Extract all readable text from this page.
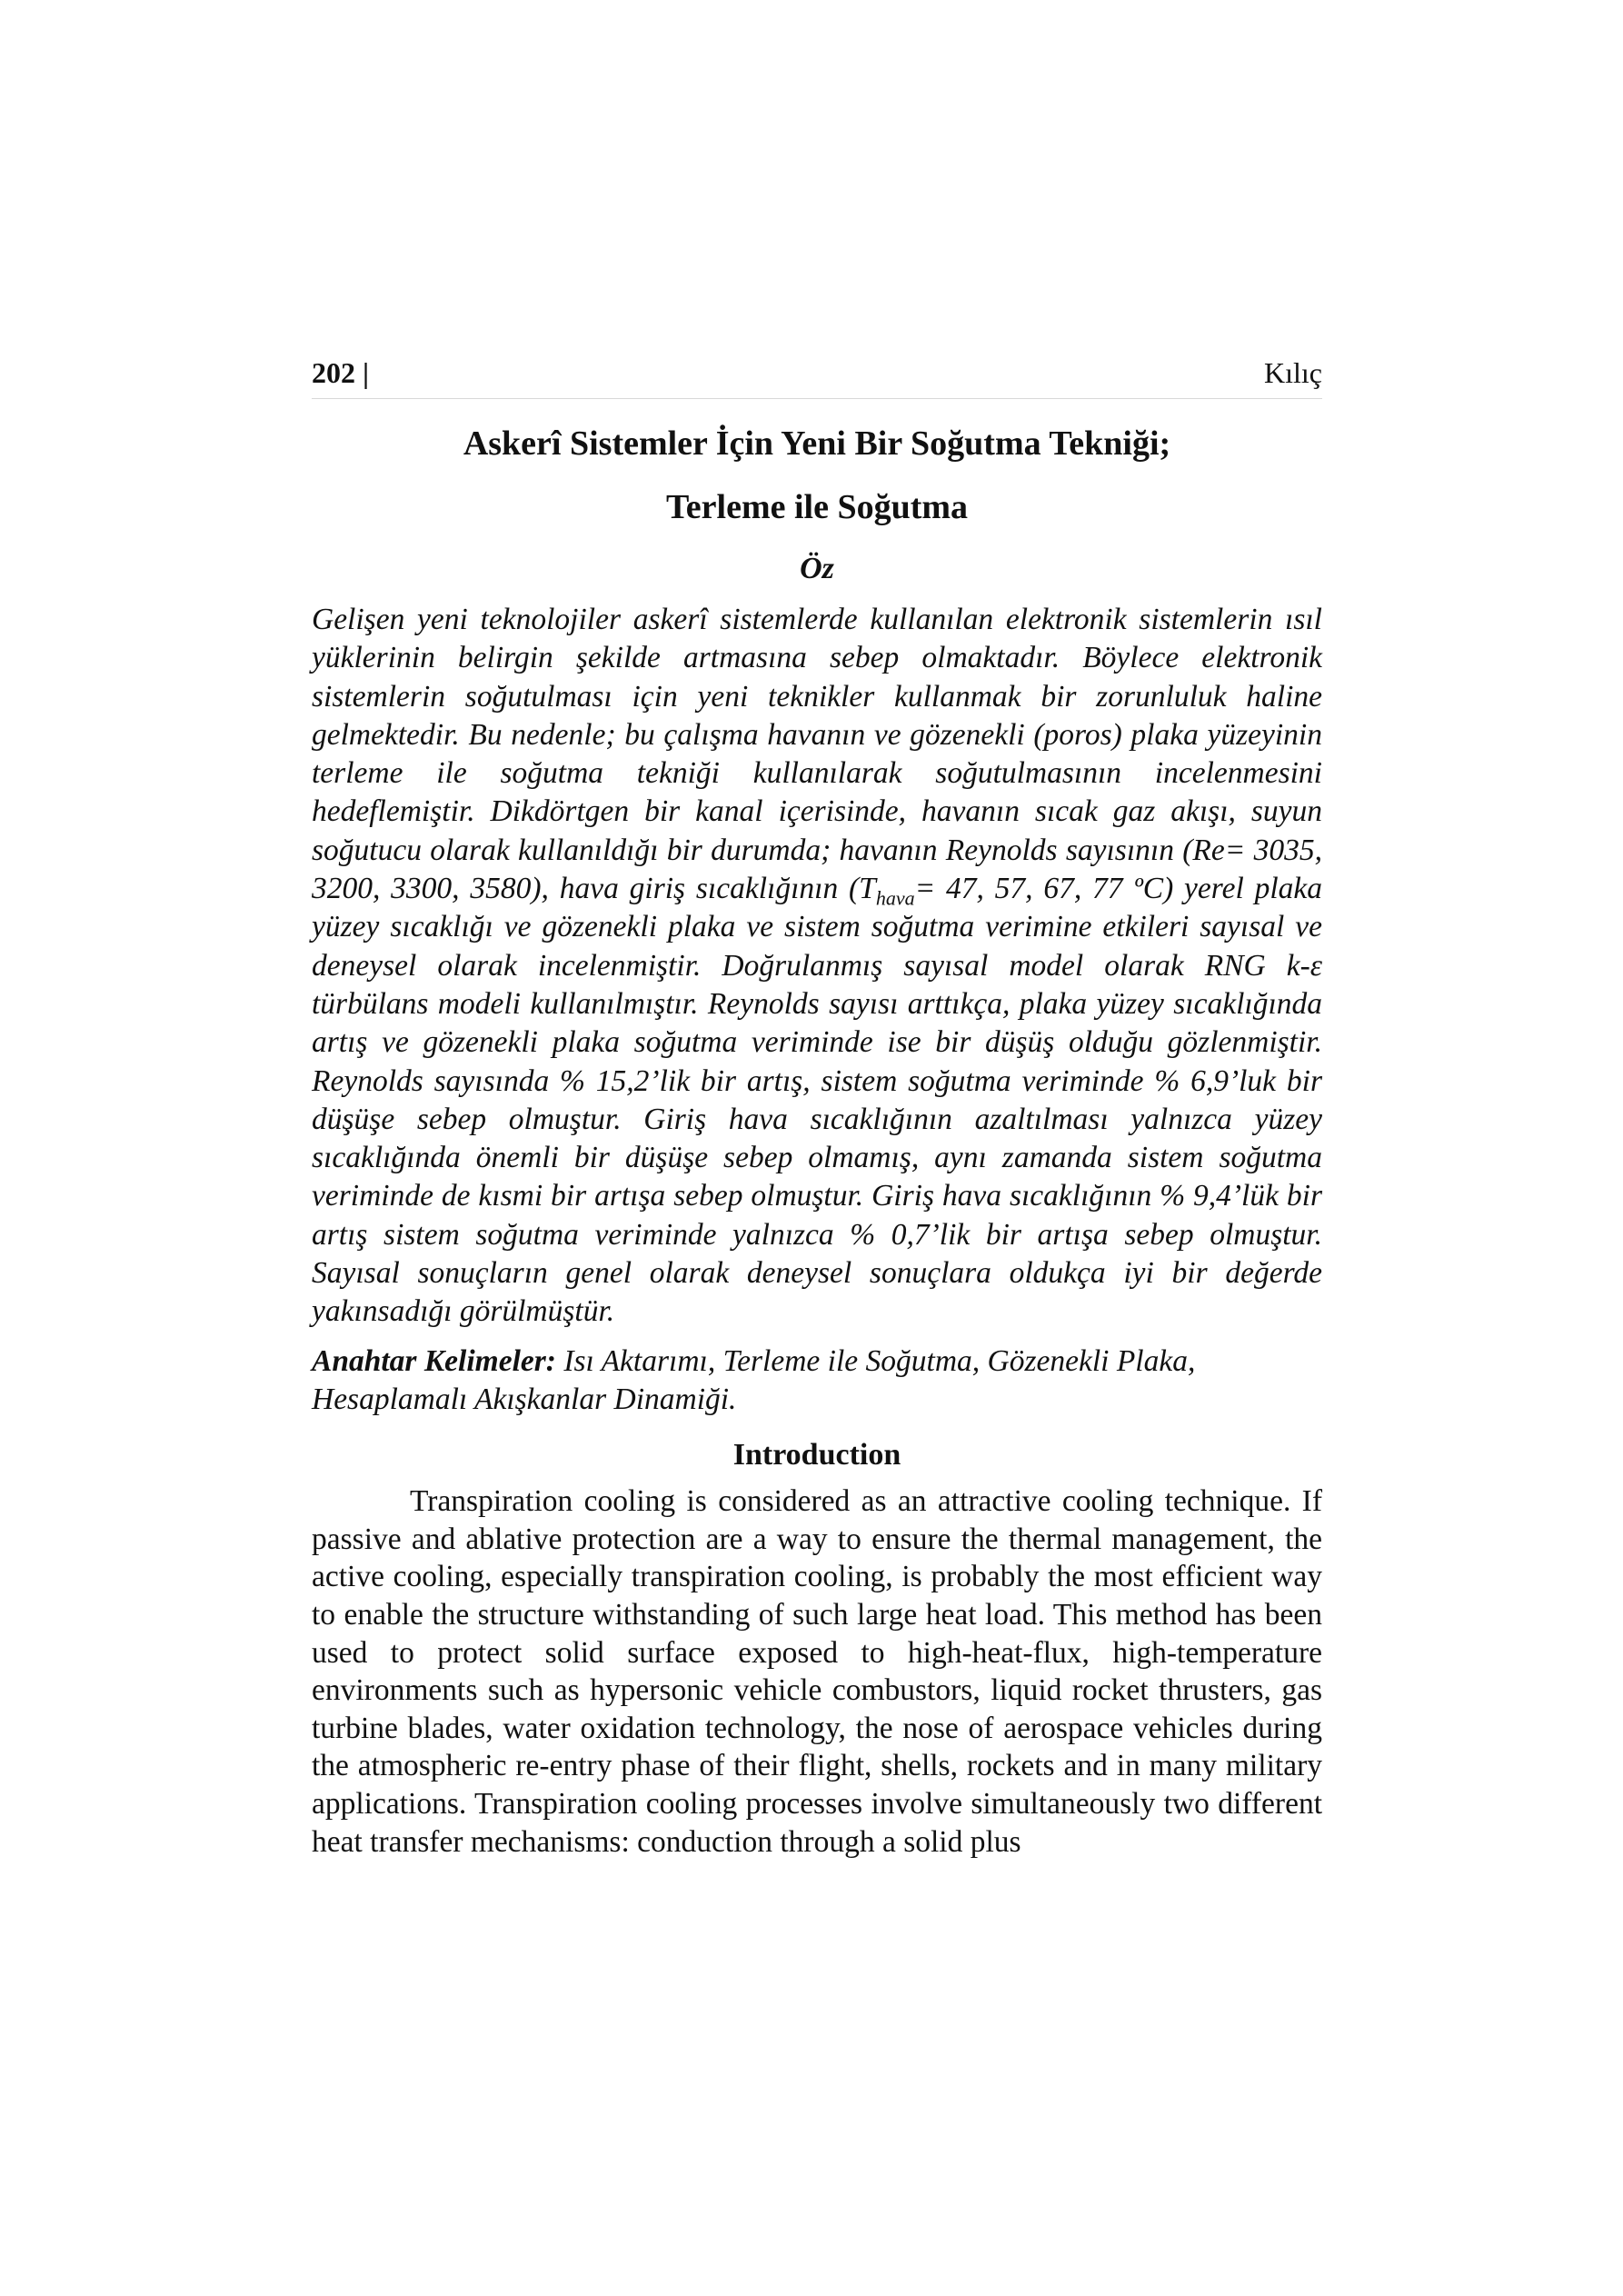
202 |	Kılıç
Askerî Sistemler İçin Yeni Bir Soğutma Tekniği;
Terleme ile Soğutma
Öz

Gelişen yeni teknolojiler askerî sistemlerde kullanılan elektronik sistemlerin ısıl yüklerinin belirgin şekilde artmasına sebep olmaktadır. Böylece elektronik sistemlerin soğutulması için yeni teknikler kullanmak bir zorunluluk haline gelmektedir. Bu nedenle; bu çalışma havanın ve gözenekli (poros) plaka yüzeyinin terleme ile soğutma tekniği kullanılarak soğutulmasının incelenmesini hedeflemiştir. Dikdörtgen bir kanal içerisinde, havanın sıcak gaz akışı, suyun soğutucu olarak kullanıldığı bir durumda; havanın Reynolds sayısının (Re= 3035, 3200, 3300, 3580), hava giriş sıcaklığının ($T_{hava}= 47$, 57, 67, 77 ºC) yerel plaka yüzey sıcaklığı ve gözenekli plaka ve sistem soğutma verimine etkileri sayısal ve deneysel olarak incelenmiştir. Doğrulanmış sayısal model olarak RNG k-ε türbülans modeli kullanılmıştır. Reynolds sayısı arttıkça, plaka yüzey sıcaklığında artış ve gözenekli plaka soğutma veriminde ise bir düşüş olduğu gözlenmiştir. Reynolds sayısında % 15,2’lik bir artış, sistem soğutma veriminde % 6,9’luk bir düşüşe sebep olmuştur. Giriş hava sıcaklığının azaltılması yalnızca yüzey sıcaklığında önemli bir düşüşe sebep olmamış, aynı zamanda sistem soğutma veriminde de kısmi bir artışa sebep olmuştur. Giriş hava sıcaklığının % 9,4’lük bir artış sistem soğutma veriminde yalnızca % 0,7’lik bir artışa sebep olmuştur. Sayısal sonuçların genel olarak deneysel sonuçlara oldukça iyi bir değerde yakınsadığı görülmüştür.

Anahtar Kelimeler: Isı Aktarımı, Terleme ile Soğutma, Gözenekli Plaka, Hesaplamalı Akışkanlar Dinamiği.

Introduction

Transpiration cooling is considered as an attractive cooling technique. If passive and ablative protection are a way to ensure the thermal management, the active cooling, especially transpiration cooling, is probably the most efficient way to enable the structure withstanding of such large heat load. This method has been used to protect solid surface exposed to high-heat-flux, high-temperature environments such as hypersonic vehicle combustors, liquid rocket thrusters, gas turbine blades, water oxidation technology, the nose of aerospace vehicles during the atmospheric re-entry phase of their flight, shells, rockets and in many military applications. Transpiration cooling processes involve simultaneously two different heat transfer mechanisms: conduction through a solid plus
